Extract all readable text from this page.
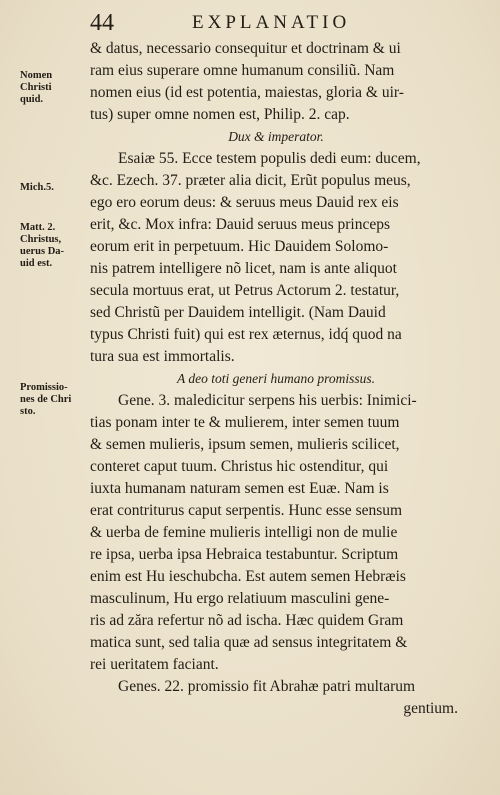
44	EXPLANATIO
Nomen
Christi
quid.
Mich.5.
Matt. 2.
Christus,
uerus Da-
uid est.
Promissio-
nes de Chri
sto.
& datus, necessario consequitur et doctrinam & ui
ram eius superare omne humanum consiliũ. Nam
nomen eius (id est potentia, maiestas, gloria & uir-
tus) super omne nomen est, Philip. 2. cap.
Dux & imperator.
Esaiæ 55. Ecce testem populis dedi eum: ducem,
&c. Ezech. 37. præter alia dicit, Erũt populus meus,
ego ero eorum deus: & seruus meus Dauid rex eis
erit, &c. Mox infra: Dauid seruus meus princeps
eorum erit in perpetuum. Hic Dauidem Solomo-
nis patrem intelligere nõ licet, nam is ante aliquot
secula mortuus erat, ut Petrus Actorum 2. testatur,
sed Christũ per Dauidem intelligit. (Nam Dauid
typus Christi fuit) qui est rex æternus, idq́ quod na
tura sua est immortalis.
A deo toti generi humano promissus.
Gene. 3. maledicitur serpens his uerbis: Inimici-
tias ponam inter te & mulierem, inter semen tuum
& semen mulieris, ipsum semen, mulieris scilicet,
conteret caput tuum. Christus hic ostenditur, qui
iuxta humanam naturam semen est Euæ. Nam is
erat contriturus caput serpentis. Hunc esse sensum
& uerba de femine mulieris intelligi non de mulie
re ipsa, uerba ipsa Hebraica testabuntur. Scriptum
enim est Hu ieschubcha. Est autem semen Hebræis
masculinum, Hu ergo relatiuum masculini gene-
ris ad zăra refertur nõ ad ischa. Hæc quidem Gram
matica sunt, sed talia quæ ad sensus integritatem &
rei ueritatem faciant.
Genes. 22. promissio fit Abrahæ patri multarum
gentium.
